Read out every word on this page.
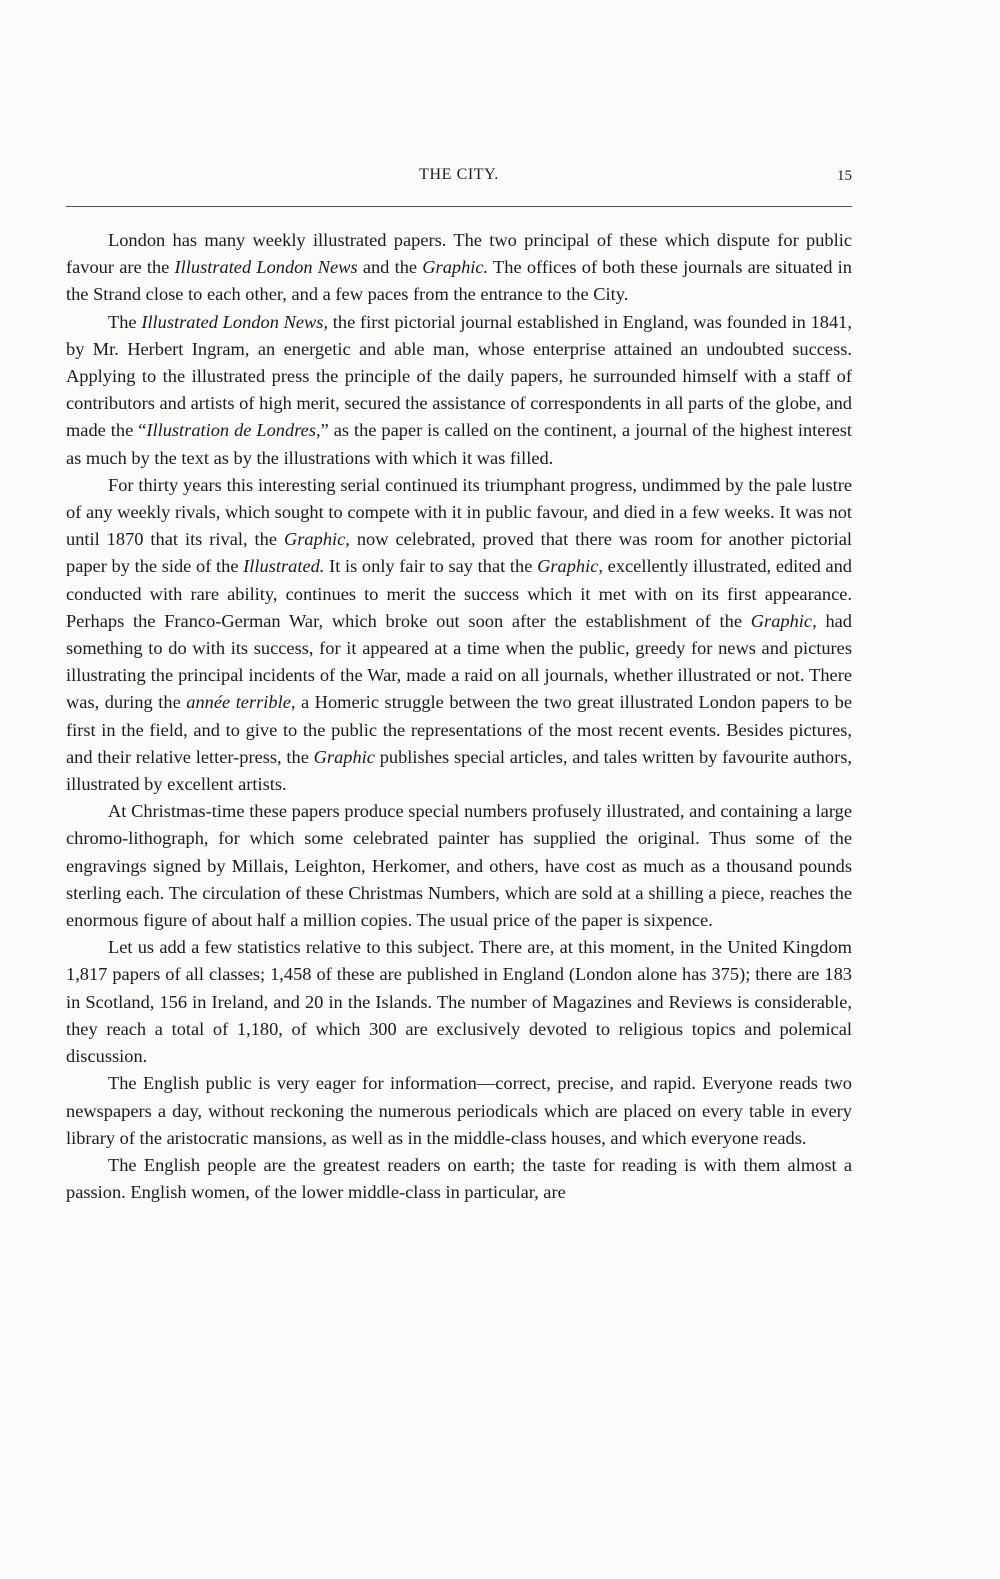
THE CITY.	15

London has many weekly illustrated papers. The two principal of these which dispute for public favour are the Illustrated London News and the Graphic. The offices of both these journals are situated in the Strand close to each other, and a few paces from the entrance to the City.

The Illustrated London News, the first pictorial journal established in England, was founded in 1841, by Mr. Herbert Ingram, an energetic and able man, whose enterprise attained an undoubted success. Applying to the illustrated press the principle of the daily papers, he surrounded himself with a staff of contributors and artists of high merit, secured the assistance of correspondents in all parts of the globe, and made the “Illustration de Londres,” as the paper is called on the continent, a journal of the highest interest as much by the text as by the illustrations with which it was filled.

For thirty years this interesting serial continued its triumphant progress, undimmed by the pale lustre of any weekly rivals, which sought to compete with it in public favour, and died in a few weeks. It was not until 1870 that its rival, the Graphic, now celebrated, proved that there was room for another pictorial paper by the side of the Illustrated. It is only fair to say that the Graphic, excellently illustrated, edited and conducted with rare ability, continues to merit the success which it met with on its first appearance. Perhaps the Franco-German War, which broke out soon after the establishment of the Graphic, had something to do with its success, for it appeared at a time when the public, greedy for news and pictures illustrating the principal incidents of the War, made a raid on all journals, whether illustrated or not. There was, during the année terrible, a Homeric struggle between the two great illustrated London papers to be first in the field, and to give to the public the representations of the most recent events. Besides pictures, and their relative letter-press, the Graphic publishes special articles, and tales written by favourite authors, illustrated by excellent artists.

At Christmas-time these papers produce special numbers profusely illustrated, and containing a large chromo-lithograph, for which some celebrated painter has supplied the original. Thus some of the engravings signed by Millais, Leighton, Herkomer, and others, have cost as much as a thousand pounds sterling each. The circulation of these Christmas Numbers, which are sold at a shilling a piece, reaches the enormous figure of about half a million copies. The usual price of the paper is sixpence.

Let us add a few statistics relative to this subject. There are, at this moment, in the United Kingdom 1,817 papers of all classes; 1,458 of these are published in England (London alone has 375); there are 183 in Scotland, 156 in Ireland, and 20 in the Islands. The number of Magazines and Reviews is considerable, they reach a total of 1,180, of which 300 are exclusively devoted to religious topics and polemical discussion.

The English public is very eager for information—correct, precise, and rapid. Everyone reads two newspapers a day, without reckoning the numerous periodicals which are placed on every table in every library of the aristocratic mansions, as well as in the middle-class houses, and which everyone reads.

The English people are the greatest readers on earth; the taste for reading is with them almost a passion. English women, of the lower middle-class in particular, are
